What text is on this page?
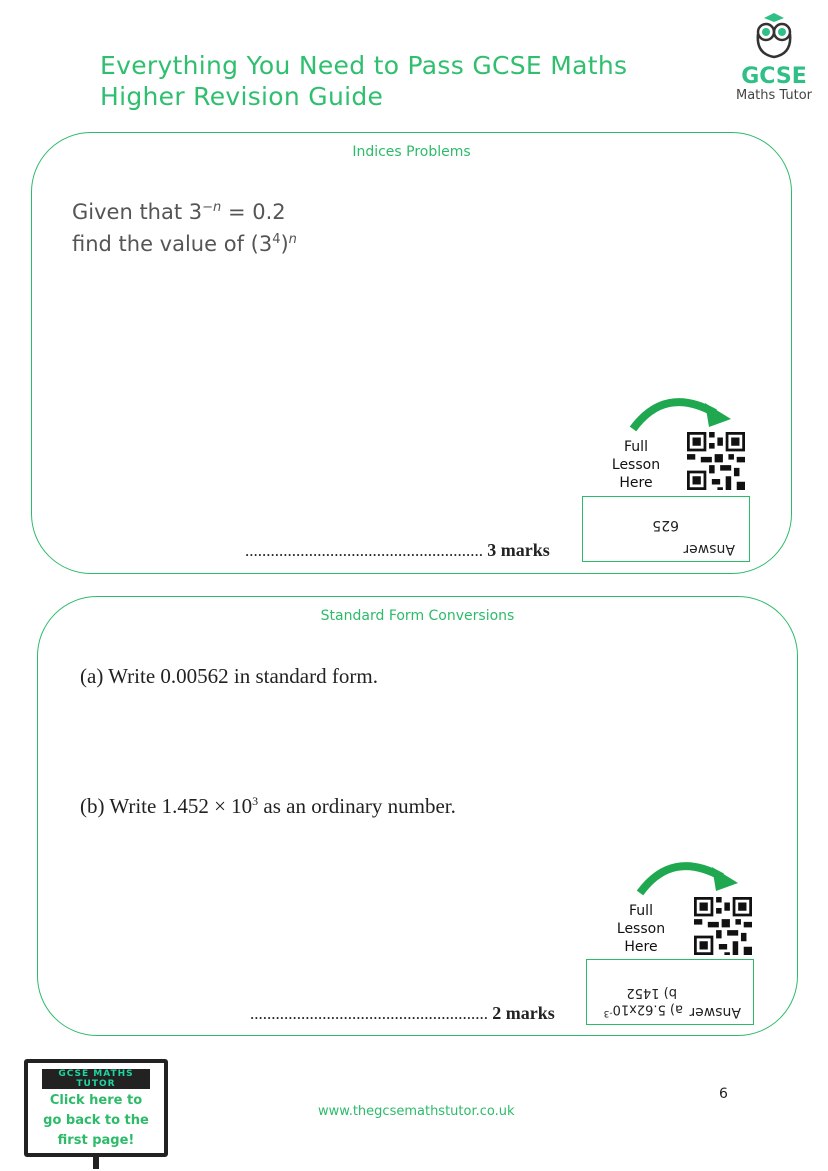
Everything You Need to Pass GCSE Maths
Higher Revision Guide
GCSE
Maths Tutor
Indices Problems
Given that $3^{-n} = 0.2$
find the value of $(3^4)^n$
Full
Lesson
Here
Answer
625
........................................................ 3 marks
Standard Form Conversions
(a) Write 0.00562 in standard form.
(b) Write $1.452 \times 10^3$ as an ordinary number.
Full
Lesson
Here
Answer
a) $5.62x10^{-3}$
b) 1452
........................................................ 2 marks
GCSE MATHS TUTOR
Click here to go back to the first page!
www.thegcsemathstutor.co.uk
6
